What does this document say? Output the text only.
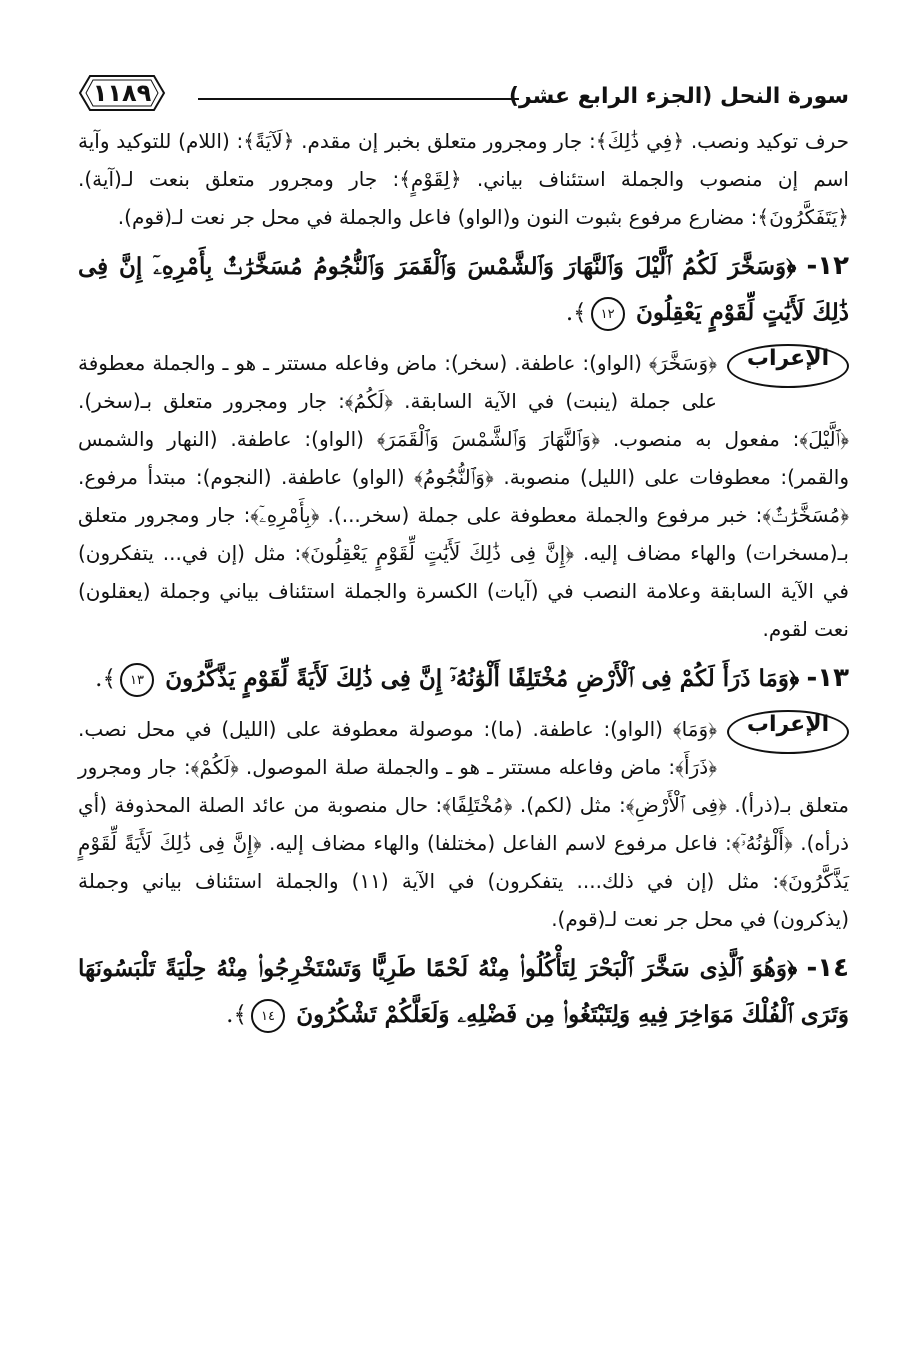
سورة النحل (الجزء الرابع عشر)
١١٨٩

حرف توكيد ونصب. ﴿فِي ذَٰلِكَ﴾: جار ومجرور متعلق بخبر إن مقدم. ﴿لَآيَةً﴾: (اللام) للتوكيد وآية اسم إن منصوب والجملة استئناف بياني. ﴿لِقَوْمٍ﴾: جار ومجرور متعلق بنعت لـ(آية). ﴿يَتَفَكَّرُونَ﴾: مضارع مرفوع بثبوت النون و(الواو) فاعل والجملة في محل جر نعت لـ(قوم).

١٢- ﴿وَسَخَّرَ لَكُمُ ٱلَّيْلَ وَٱلنَّهَارَ وَٱلشَّمْسَ وَٱلْقَمَرَ وَٱلنُّجُومُ مُسَخَّرَٰتٌۢ بِأَمْرِهِۦٓ إِنَّ فِى ذَٰلِكَ لَأَيَٰتٍ لِّقَوْمٍ يَعْقِلُونَ ١٢﴾.

الإعراب

﴿وَسَخَّرَ﴾ (الواو): عاطفة. (سخر): ماض وفاعله مستتر ـ هو ـ والجملة معطوفة على جملة (ينبت) في الآية السابقة. ﴿لَكُمُ﴾: جار ومجرور متعلق بـ(سخر). ﴿ٱلَّيْلَ﴾: مفعول به منصوب. ﴿وَٱلنَّهَارَ وَٱلشَّمْسَ وَٱلْقَمَرَ﴾ (الواو): عاطفة. (النهار والشمس والقمر): معطوفات على (الليل) منصوبة. ﴿وَٱلنُّجُومُ﴾ (الواو) عاطفة. (النجوم): مبتدأ مرفوع. ﴿مُسَخَّرَٰتٌۢ﴾: خبر مرفوع والجملة معطوفة على جملة (سخر...). ﴿بِأَمْرِهِۦٓ﴾: جار ومجرور متعلق بـ(مسخرات) والهاء مضاف إليه. ﴿إِنَّ فِى ذَٰلِكَ لَأَيَٰتٍ لِّقَوْمٍ يَعْقِلُونَ﴾: مثل (إن في... يتفكرون) في الآية السابقة وعلامة النصب في (آيات) الكسرة والجملة استئناف بياني وجملة (يعقلون) نعت لقوم.

١٣- ﴿وَمَا ذَرَأَ لَكُمْ فِى ٱلْأَرْضِ مُخْتَلِفًا أَلْوَٰنُهُۥٓ إِنَّ فِى ذَٰلِكَ لَأَيَةً لِّقَوْمٍ يَذَّكَّرُونَ ١٣﴾.

الإعراب

﴿وَمَا﴾ (الواو): عاطفة. (ما): موصولة معطوفة على (الليل) في محل نصب. ﴿ذَرَأَ﴾: ماض وفاعله مستتر ـ هو ـ والجملة صلة الموصول. ﴿لَكُمْ﴾: جار ومجرور متعلق بـ(ذرأ). ﴿فِى ٱلْأَرْضِ﴾: مثل (لكم). ﴿مُخْتَلِفًا﴾: حال منصوبة من عائد الصلة المحذوفة (أي ذرأه). ﴿أَلْوَٰنُهُۥٓ﴾: فاعل مرفوع لاسم الفاعل (مختلفا) والهاء مضاف إليه. ﴿إِنَّ فِى ذَٰلِكَ لَأَيَةً لِّقَوْمٍ يَذَّكَّرُونَ﴾: مثل (إن في ذلك.... يتفكرون) في الآية (١١) والجملة استئناف بياني وجملة (يذكرون) في محل جر نعت لـ(قوم).

١٤- ﴿وَهُوَ ٱلَّذِى سَخَّرَ ٱلْبَحْرَ لِتَأْكُلُوا۟ مِنْهُ لَحْمًا طَرِيًّا وَتَسْتَخْرِجُوا۟ مِنْهُ حِلْيَةً تَلْبَسُونَهَا وَتَرَى ٱلْفُلْكَ مَوَاخِرَ فِيهِ وَلِتَبْتَغُوا۟ مِن فَضْلِهِۦ وَلَعَلَّكُمْ تَشْكُرُونَ ١٤﴾.
